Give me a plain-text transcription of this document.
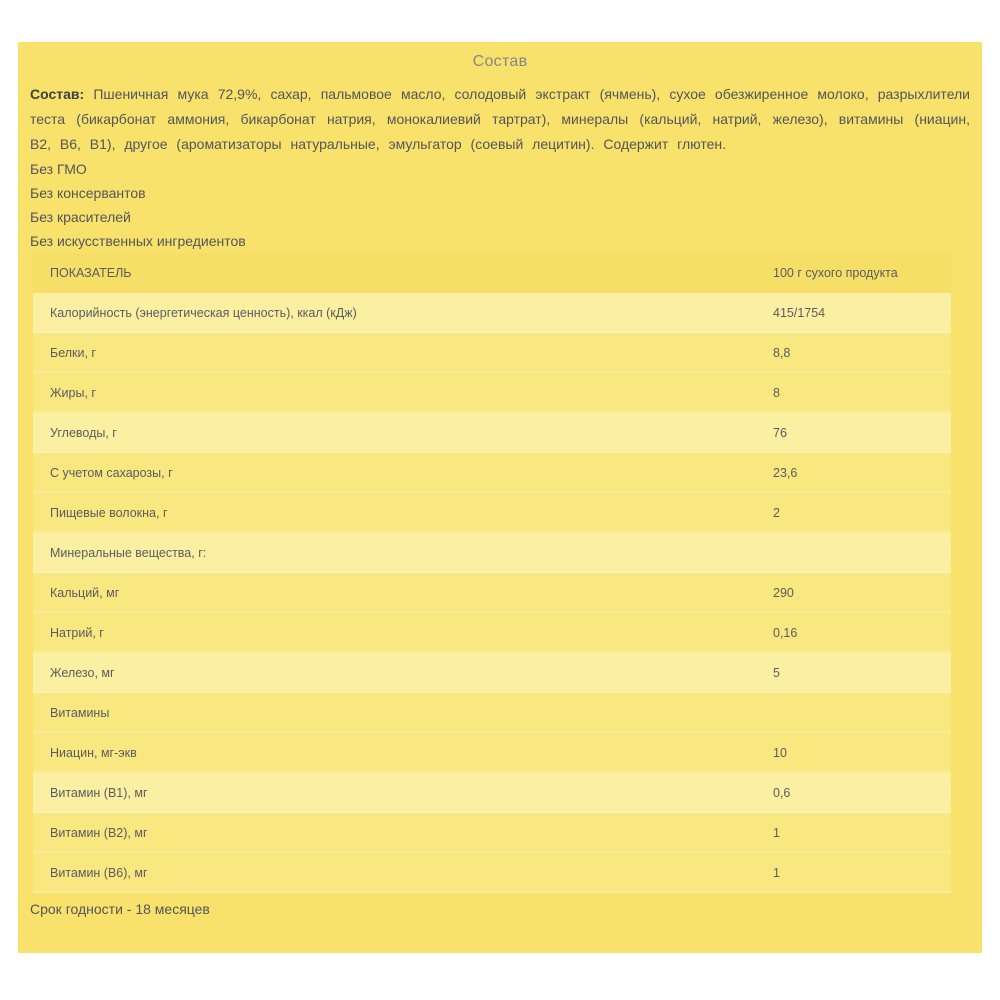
Состав

Состав: Пшеничная мука 72,9%, сахар, пальмовое масло, солодовый экстракт (ячмень), сухое обезжиренное молоко, разрыхлители теста (бикарбонат аммония, бикарбонат натрия, монокалиевий тартрат), минералы (кальций, натрий, железо), витамины (ниацин, В2, В6, В1), другое (ароматизаторы натуральные, эмульгатор (соевый лецитин). Содержит глютен.

Без ГМО
Без консервантов
Без красителей
Без искусственных ингредиентов
ПОКАЗАТЕЛЬ	100 г сухого продукта
Калорийность (энергетическая ценность), ккал (кДж)	415/1754
Белки, г	8,8
Жиры, г	8
Углеводы, г	76
С учетом сахарозы, г	23,6
Пищевые волокна, г	2
Минеральные вещества, г:
Кальций, мг	290
Натрий, г	0,16
Железо, мг	5
Витамины
Ниацин, мг-экв	10
Витамин (В1), мг	0,6
Витамин (В2), мг	1
Витамин (В6), мг	1
Срок годности - 18 месяцев
